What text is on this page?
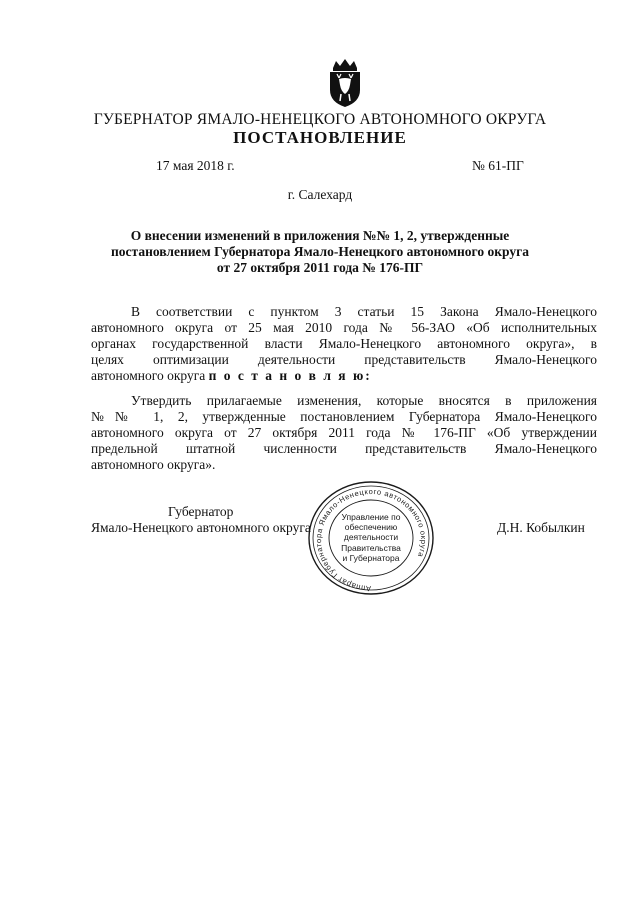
ГУБЕРНАТОР ЯМАЛО-НЕНЕЦКОГО АВТОНОМНОГО ОКРУГА
ПОСТАНОВЛЕНИЕ
17 мая 2018 г.	№ 61-ПГ
г. Салехард
О внесении изменений в приложения №№ 1, 2, утвержденные
постановлением Губернатора Ямало-Ненецкого автономного округа
от 27 октября 2011 года № 176-ПГ
В соответствии с пунктом 3 статьи 15 Закона Ямало-Ненецкого
автономного округа от 25 мая 2010 года № 56-ЗАО «Об исполнительных
органах государственной власти Ямало-Ненецкого автономного округа», в
целях оптимизации деятельности представительств Ямало-Ненецкого
автономного округа п о с т а н о в л я ю:
Утвердить прилагаемые изменения, которые вносятся в приложения
№№ 1, 2, утвержденные постановлением Губернатора Ямало-Ненецкого
автономного округа от 27 октября 2011 года № 176-ПГ «Об утверждении
предельной штатной численности представительств Ямало-Ненецкого
автономного округа».
Губернатор
Ямало-Ненецкого автономного округа	Д.Н. Кобылкин
Аппарат Губернатора Ямало-Ненецкого автономного округа
Управление по
обеспечению
деятельности
Правительства
и Губернатора
